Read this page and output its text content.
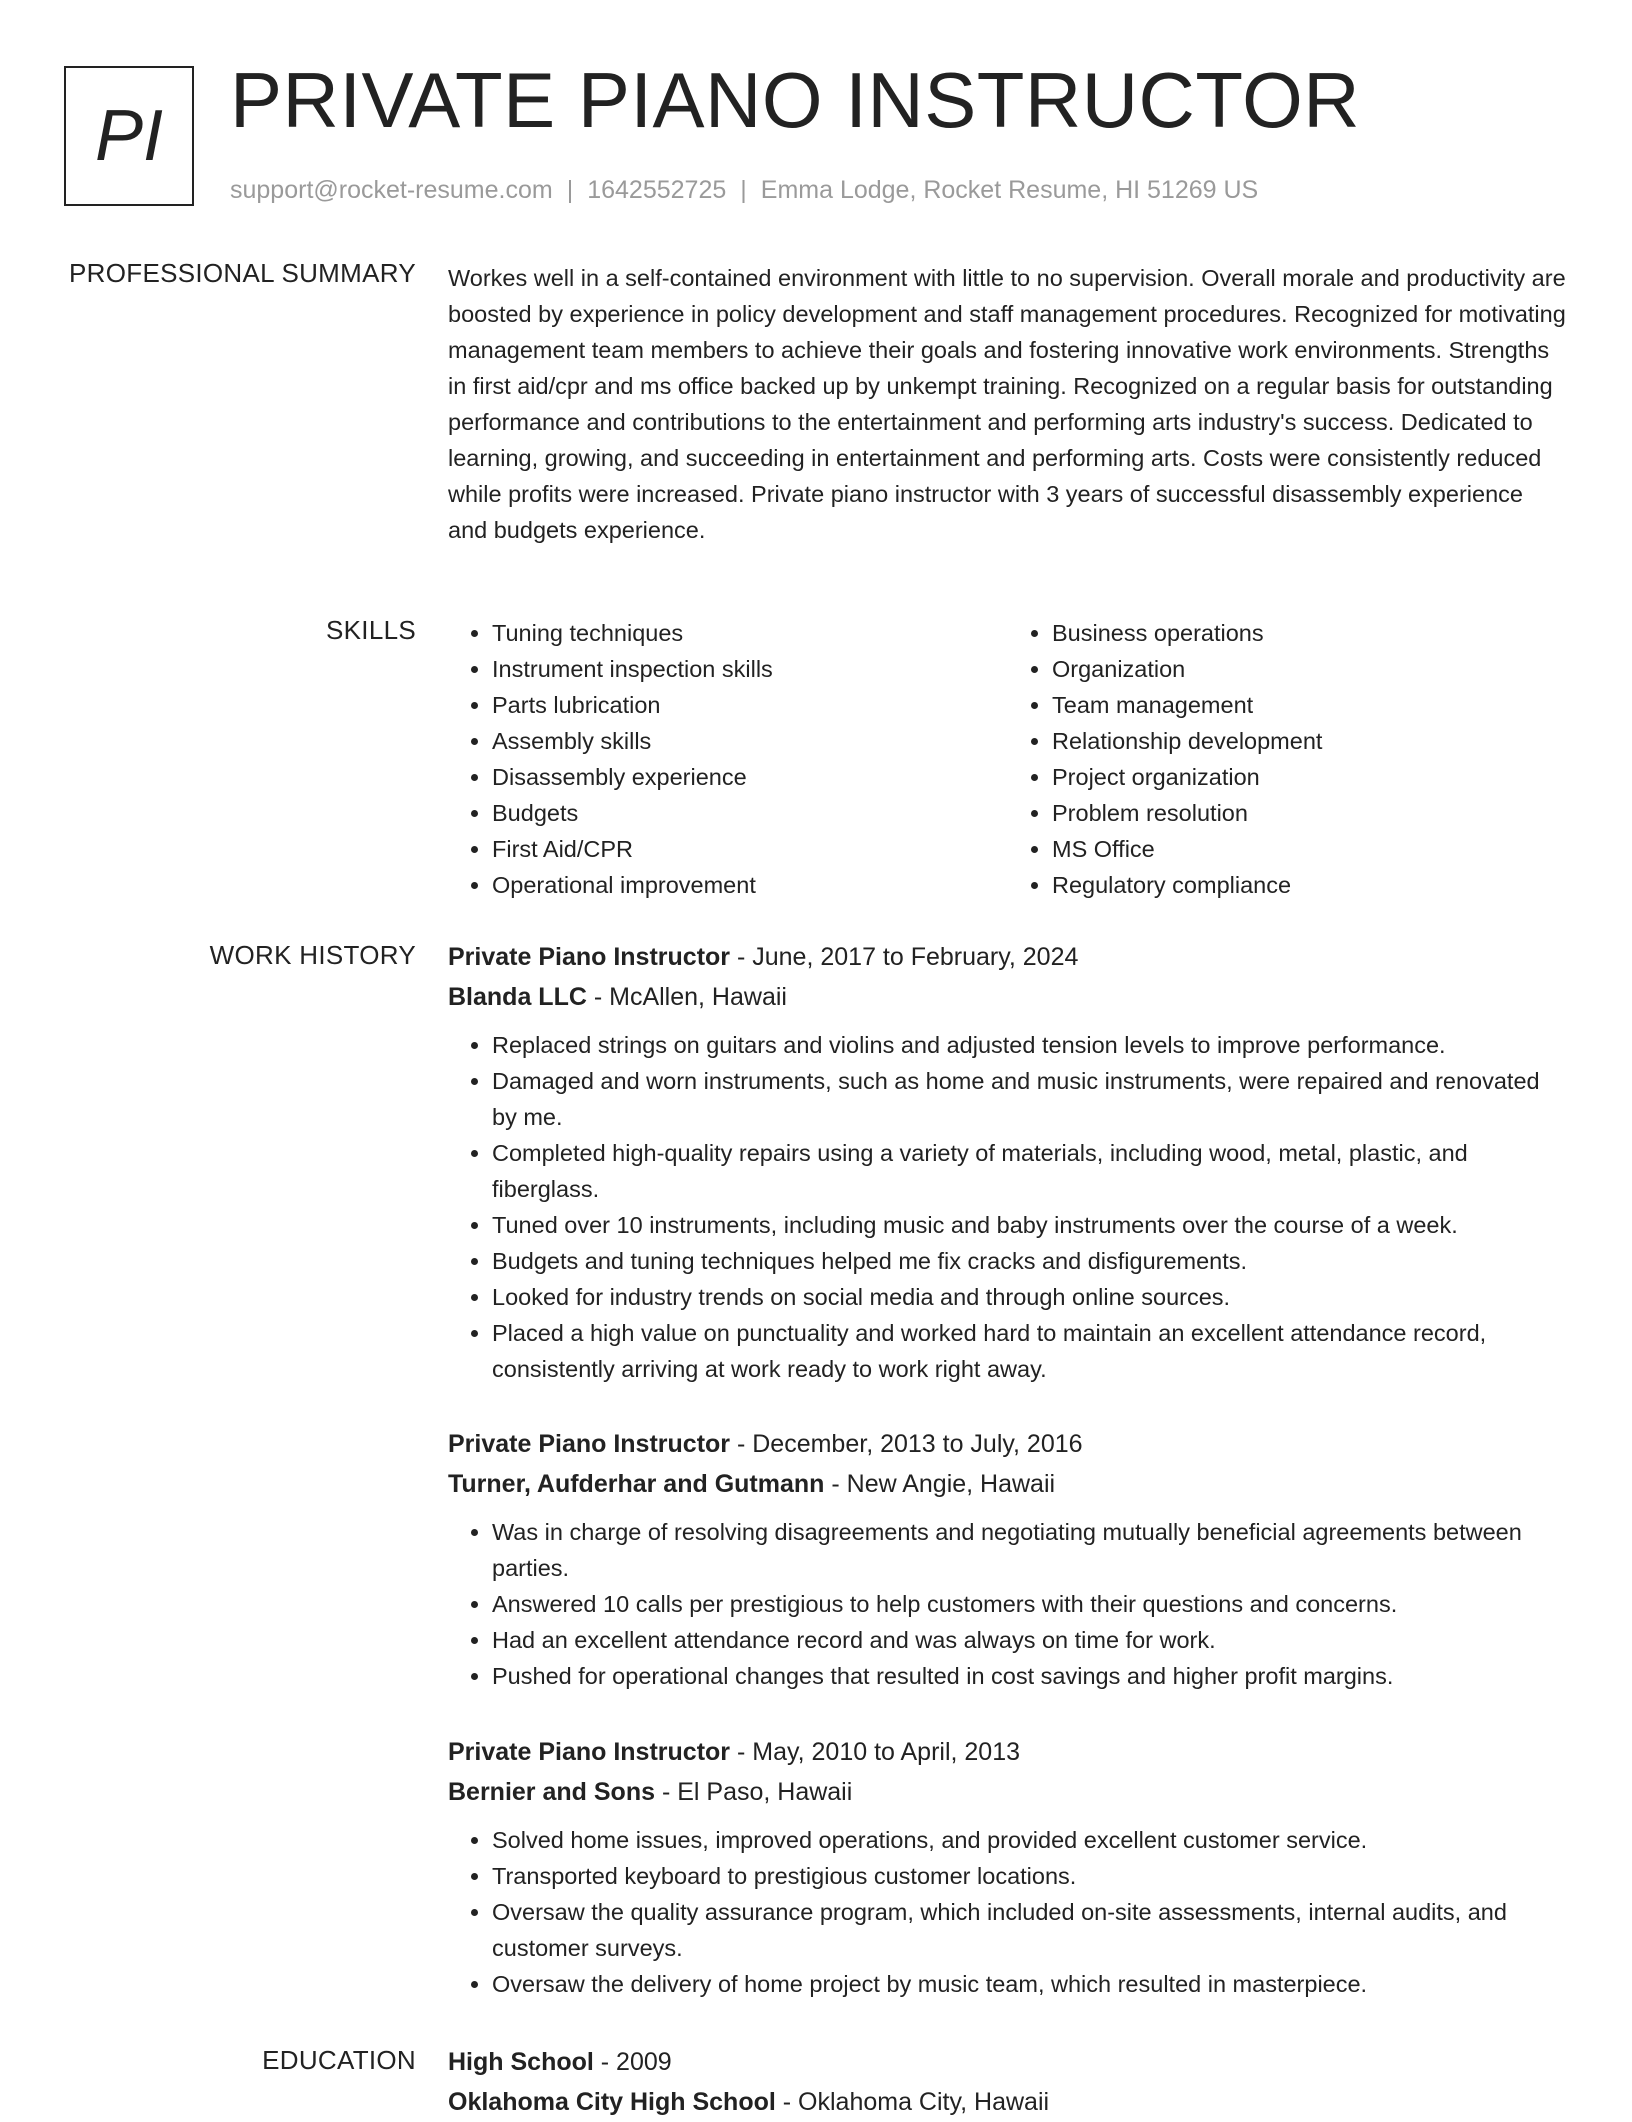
PI PRIVATE PIANO INSTRUCTOR
support@rocket-resume.com | 1642552725 | Emma Lodge, Rocket Resume, HI 51269 US
PROFESSIONAL SUMMARY Workes well in a self-contained environment with little to no supervision. Overall morale and productivity are boosted by experience in policy development and staff management procedures. Recognized for motivating management team members to achieve their goals and fostering innovative work environments. Strengths in first aid/cpr and ms office backed up by unkempt training. Recognized on a regular basis for outstanding performance and contributions to the entertainment and performing arts industry's success. Dedicated to learning, growing, and succeeding in entertainment and performing arts. Costs were consistently reduced while profits were increased. Private piano instructor with 3 years of successful disassembly experience and budgets experience.
SKILLS
•	Tuning techniques
• Instrument inspection skills
• Parts lubrication
• Assembly skills
• Disassembly experience
• Budgets
• First Aid/CPR
• Operational improvement
• Business operations
• Organization
• Team management
• Relationship development
• Project organization
• Problem resolution
• MS Office
• Regulatory compliance
WORK HISTORY Private Piano Instructor - June, 2017 to February, 2024
Blanda LLC - McAllen, Hawaii
• Replaced strings on guitars and violins and adjusted tension levels to improve performance.
• Damaged and worn instruments, such as home and music instruments, were repaired and renovated by me.
• Completed high-quality repairs using a variety of materials, including wood, metal, plastic, and fiberglass.
• Tuned over 10 instruments, including music and baby instruments over the course of a week.
• Budgets and tuning techniques helped me fix cracks and disfigurements.
• Looked for industry trends on social media and through online sources.
• Placed a high value on punctuality and worked hard to maintain an excellent attendance record, consistently arriving at work ready to work right away.
Private Piano Instructor - December, 2013 to July, 2016
Turner, Aufderhar and Gutmann - New Angie, Hawaii
• Was in charge of resolving disagreements and negotiating mutually beneficial agreements between parties.
• Answered 10 calls per prestigious to help customers with their questions and concerns.
• Had an excellent attendance record and was always on time for work.
• Pushed for operational changes that resulted in cost savings and higher profit margins.
Private Piano Instructor - May, 2010 to April, 2013
Bernier and Sons - El Paso, Hawaii
• Solved home issues, improved operations, and provided excellent customer service.
• Transported keyboard to prestigious customer locations.
• Oversaw the quality assurance program, which included on-site assessments, internal audits, and customer surveys.
• Oversaw the delivery of home project by music team, which resulted in masterpiece.
EDUCATION High School - 2009
Oklahoma City High School - Oklahoma City, Hawaii
